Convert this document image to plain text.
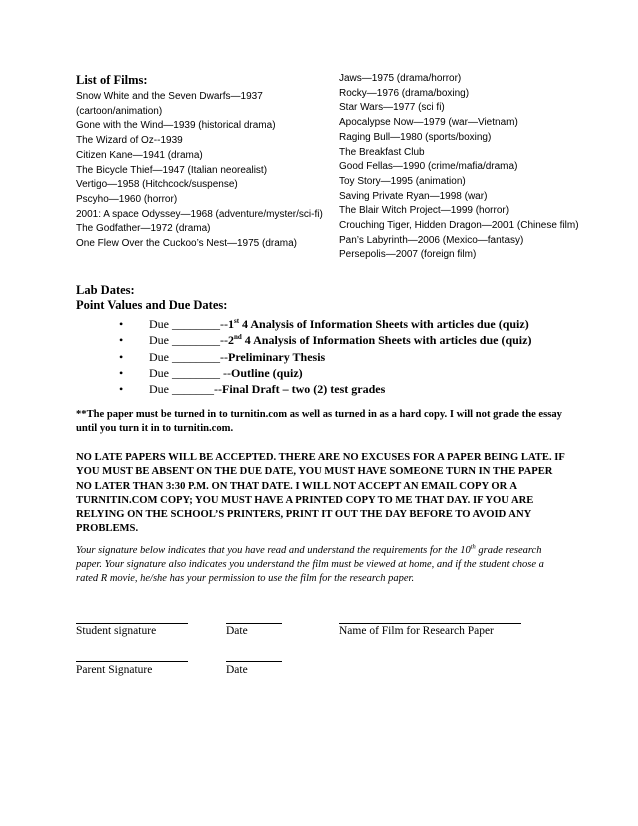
List of Films:
Snow White and the Seven Dwarfs—1937 (cartoon/animation)
Gone with the Wind—1939 (historical drama)
The Wizard of Oz--1939
Citizen Kane—1941 (drama)
The Bicycle Thief—1947 (Italian neorealist)
Vertigo—1958 (Hitchcock/suspense)
Pscyho—1960 (horror)
2001: A space Odyssey—1968 (adventure/myster/sci-fi)
The Godfather—1972 (drama)
One Flew Over the Cuckoo’s Nest—1975 (drama)
Jaws—1975 (drama/horror)
Rocky—1976 (drama/boxing)
Star Wars—1977 (sci fi)
Apocalypse Now—1979 (war—Vietnam)
Raging Bull—1980 (sports/boxing)
The Breakfast Club
Good Fellas—1990 (crime/mafia/drama)
Toy Story—1995 (animation)
Saving Private Ryan—1998 (war)
The Blair Witch Project—1999 (horror)
Crouching Tiger, Hidden Dragon—2001 (Chinese film)
Pan’s Labyrinth—2006 (Mexico—fantasy)
Persepolis—2007 (foreign film)
Lab Dates:
Point Values and Due Dates:
• Due ________--1st 4 Analysis of Information Sheets with articles due (quiz)
• Due ________--2nd 4 Analysis of Information Sheets with articles due (quiz)
• Due ________--Preliminary Thesis
• Due ________ --Outline (quiz)
• Due _______--Final Draft – two (2) test grades
**The paper must be turned in to turnitin.com as well as turned in as a hard copy. I will not grade the essay until you turn it in to turnitin.com.
NO LATE PAPERS WILL BE ACCEPTED. THERE ARE NO EXCUSES FOR A PAPER BEING LATE. IF YOU MUST BE ABSENT ON THE DUE DATE, YOU MUST HAVE SOMEONE TURN IN THE PAPER NO LATER THAN 3:30 P.M. ON THAT DATE. I WILL NOT ACCEPT AN EMAIL COPY OR A TURNITIN.COM COPY; YOU MUST HAVE A PRINTED COPY TO ME THAT DAY. IF YOU ARE RELYING ON THE SCHOOL’S PRINTERS, PRINT IT OUT THE DAY BEFORE TO AVOID ANY PROBLEMS.
Your signature below indicates that you have read and understand the requirements for the 10th grade research paper. Your signature also indicates you understand the film must be viewed at home, and if the student chose a rated R movie, he/she has your permission to use the film for the research paper.
Student signature	Date	Name of Film for Research Paper
Parent Signature	Date
